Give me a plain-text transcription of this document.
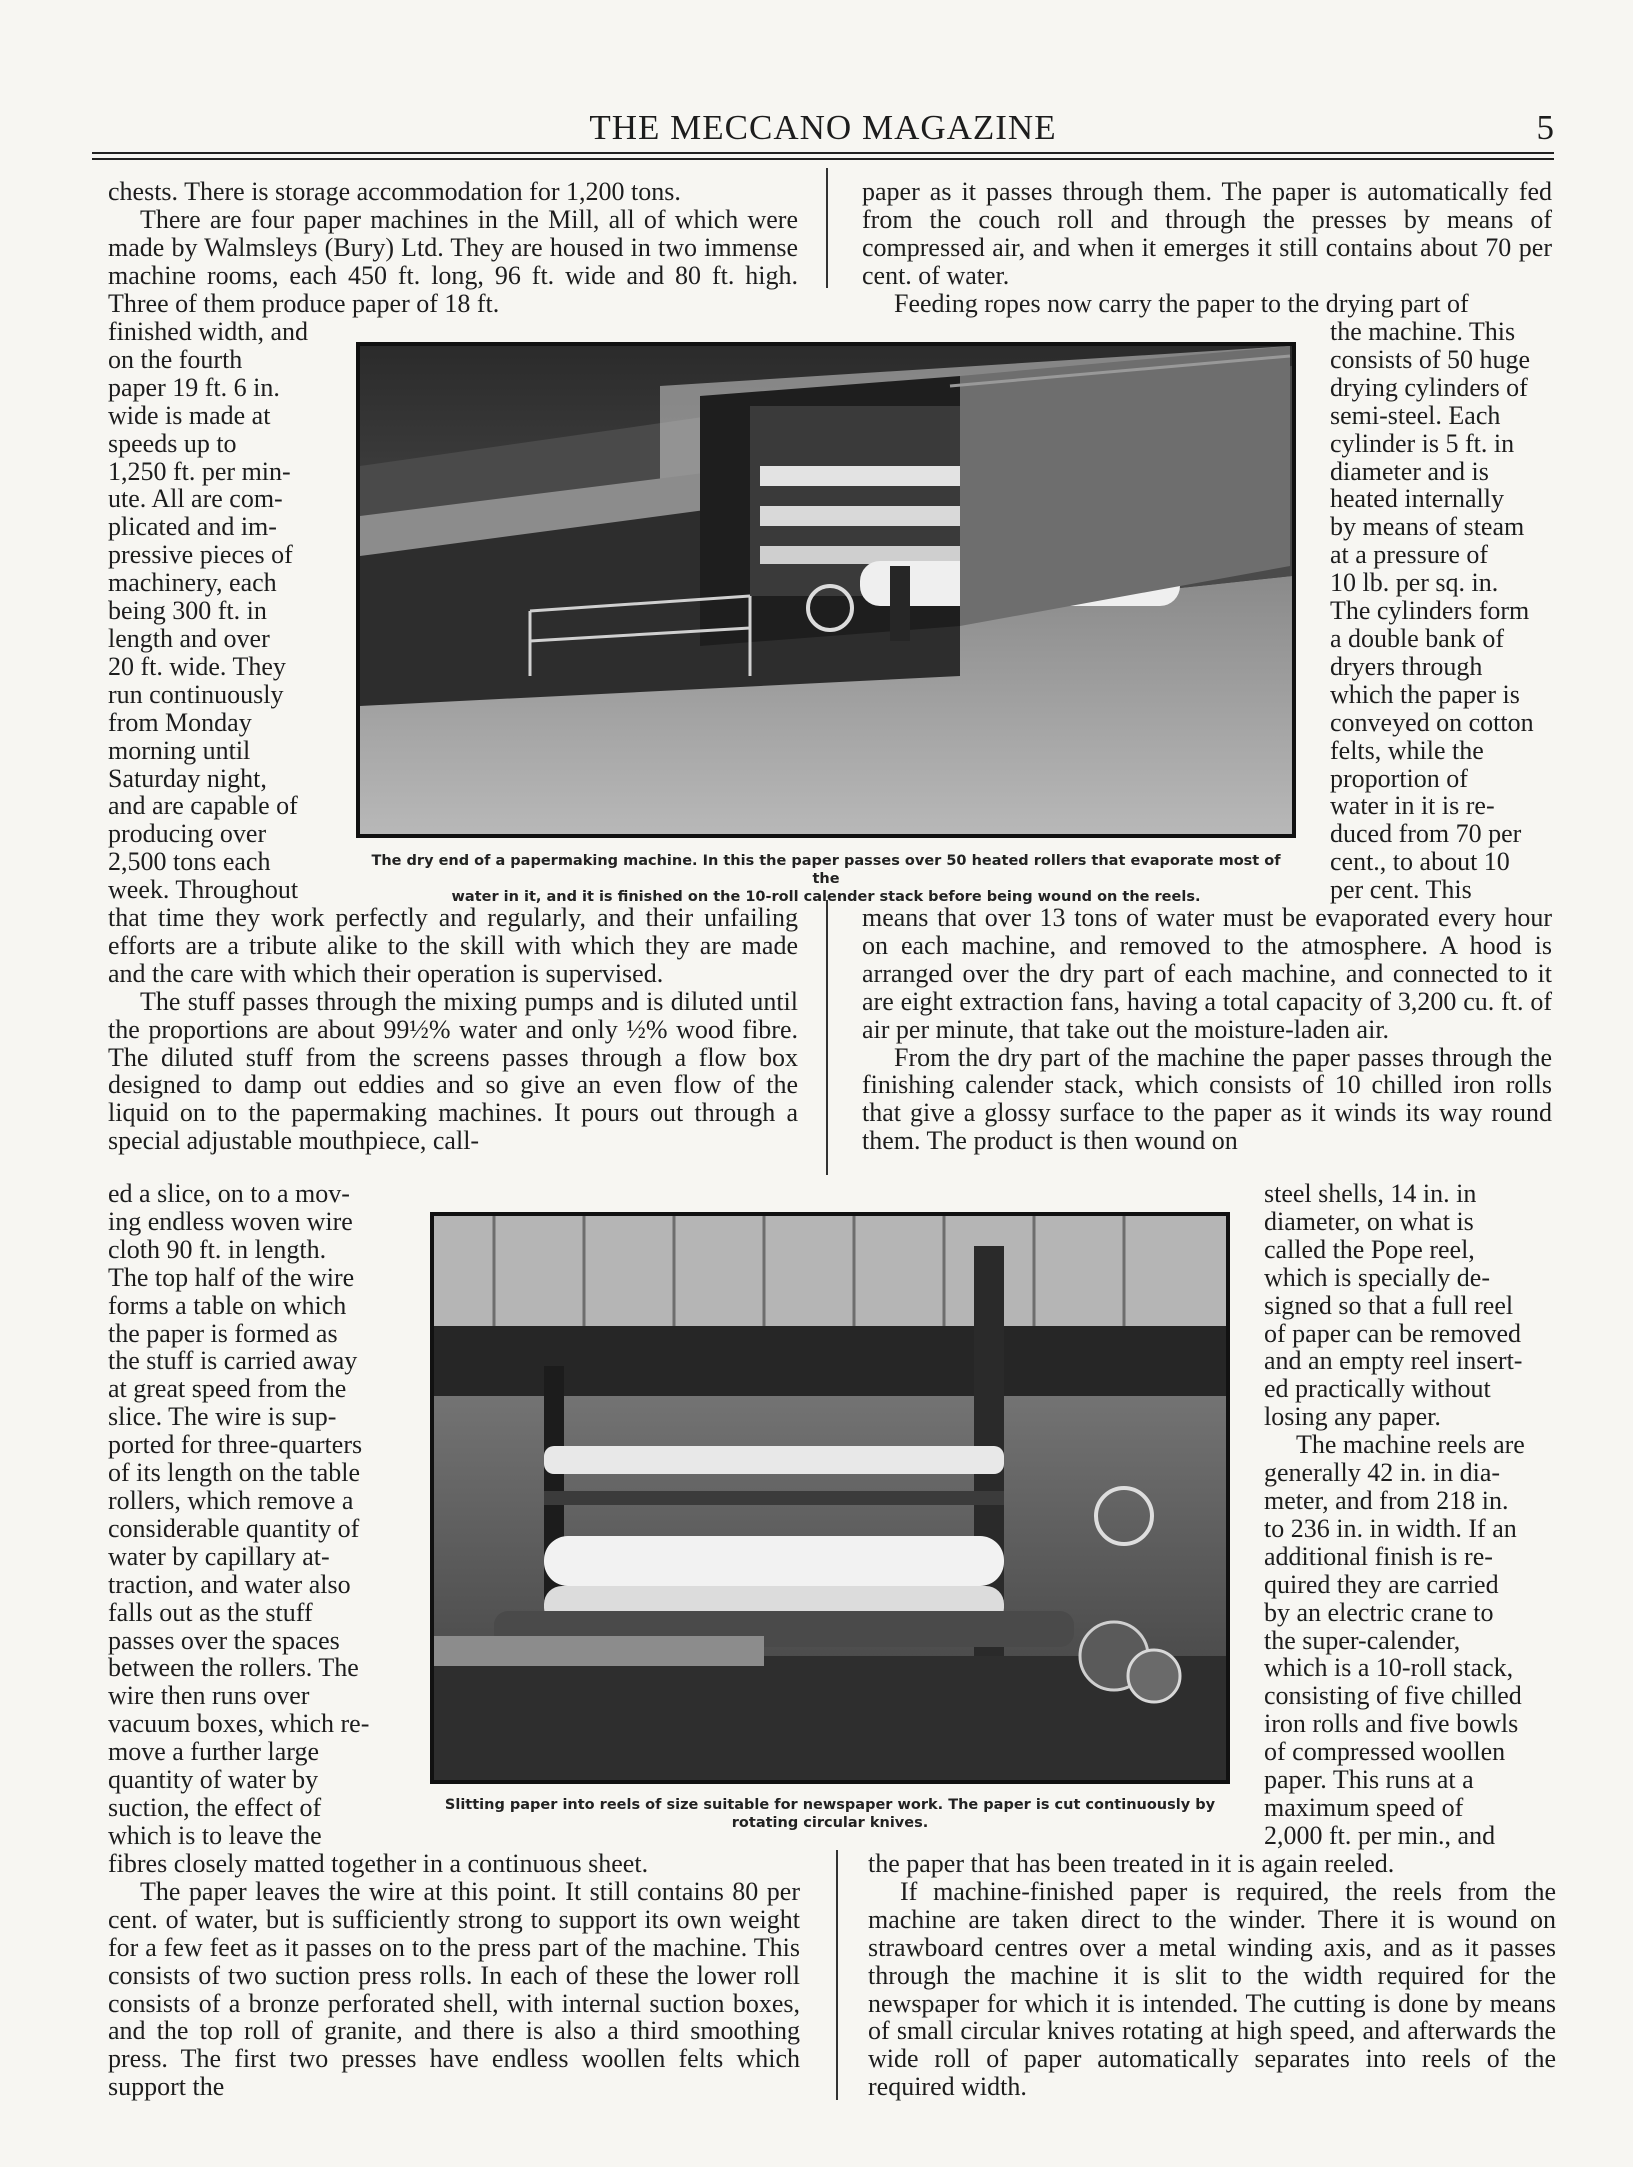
THE MECCANO MAGAZINE	5

chests. There is storage accommodation for 1,200 tons.

There are four paper machines in the Mill, all of which were made by Walmsleys (Bury) Ltd. They are housed in two immense machine rooms, each 450 ft. long, 96 ft. wide and 80 ft. high. Three of them produce paper of 18 ft.

finished width, and

on the fourth

paper 19 ft. 6 in.

wide is made at

speeds up to

1,250 ft. per min-

ute. All are com-

plicated and im-

pressive pieces of

machinery, each

being 300 ft. in

length and over

20 ft. wide. They

run continuously

from Monday

morning until

Saturday night,

and are capable of

producing over

2,500 tons each

week. Throughout

that time they work perfectly and regularly, and their unfailing efforts are a tribute alike to the skill with which they are made and the care with which their operation is supervised.

The stuff passes through the mixing pumps and is diluted until the proportions are about 99½% water and only ½% wood fibre. The diluted stuff from the screens passes through a flow box designed to damp out eddies and so give an even flow of the liquid on to the papermaking machines. It pours out through a special adjustable mouthpiece, call-

ed a slice, on to a mov-

ing endless woven wire

cloth 90 ft. in length.

The top half of the wire

forms a table on which

the paper is formed as

the stuff is carried away

at great speed from the

slice. The wire is sup-

ported for three-quarters

of its length on the table

rollers, which remove a

considerable quantity of

water by capillary at-

traction, and water also

falls out as the stuff

passes over the spaces

between the rollers. The

wire then runs over

vacuum boxes, which re-

move a further large

quantity of water by

suction, the effect of

which is to leave the

fibres closely matted together in a continuous sheet.

The paper leaves the wire at this point. It still contains 80 per cent. of water, but is sufficiently strong to support its own weight for a few feet as it passes on to the press part of the machine. This consists of two suction press rolls. In each of these the lower roll consists of a bronze perforated shell, with internal suction boxes, and the top roll of granite, and there is also a third smoothing press. The first two presses have endless woollen felts which support the

paper as it passes through them. The paper is automatically fed from the couch roll and through the presses by means of compressed air, and when it emerges it still contains about 70 per cent. of water.

Feeding ropes now carry the paper to the drying part of

the machine. This

consists of 50 huge

drying cylinders of

semi-steel. Each

cylinder is 5 ft. in

diameter and is

heated internally

by means of steam

at a pressure of

10 lb. per sq. in.

The cylinders form

a double bank of

dryers through

which the paper is

conveyed on cotton

felts, while the

proportion of

water in it is re-

duced from 70 per

cent., to about 10

per cent. This

means that over 13 tons of water must be evaporated every hour on each machine, and removed to the atmosphere. A hood is arranged over the dry part of each machine, and connected to it are eight extraction fans, having a total capacity of 3,200 cu. ft. of air per minute, that take out the moisture-laden air.

From the dry part of the machine the paper passes through the finishing calender stack, which consists of 10 chilled iron rolls that give a glossy surface to the paper as it winds its way round them. The product is then wound on

steel shells, 14 in. in

diameter, on what is

called the Pope reel,

which is specially de-

signed so that a full reel

of paper can be removed

and an empty reel insert-

ed practically without

losing any paper.

The machine reels are

generally 42 in. in dia-

meter, and from 218 in.

to 236 in. in width. If an

additional finish is re-

quired they are carried

by an electric crane to

the super-calender,

which is a 10-roll stack,

consisting of five chilled

iron rolls and five bowls

of compressed woollen

paper. This runs at a

maximum speed of

2,000 ft. per min., and

the paper that has been treated in it is again reeled.

If machine-finished paper is required, the reels from the machine are taken direct to the winder. There it is wound on strawboard centres over a metal winding axis, and as it passes through the machine it is slit to the width required for the newspaper for which it is intended. The cutting is done by means of small circular knives rotating at high speed, and afterwards the wide roll of paper automatically separates into reels of the required width.

The dry end of a papermaking machine. In this the paper passes over 50 heated rollers that evaporate most of the
water in it, and it is finished on the 10-roll calender stack before being wound on the reels.
Slitting paper into reels of size suitable for newspaper work. The paper is cut continuously by
rotating circular knives.
